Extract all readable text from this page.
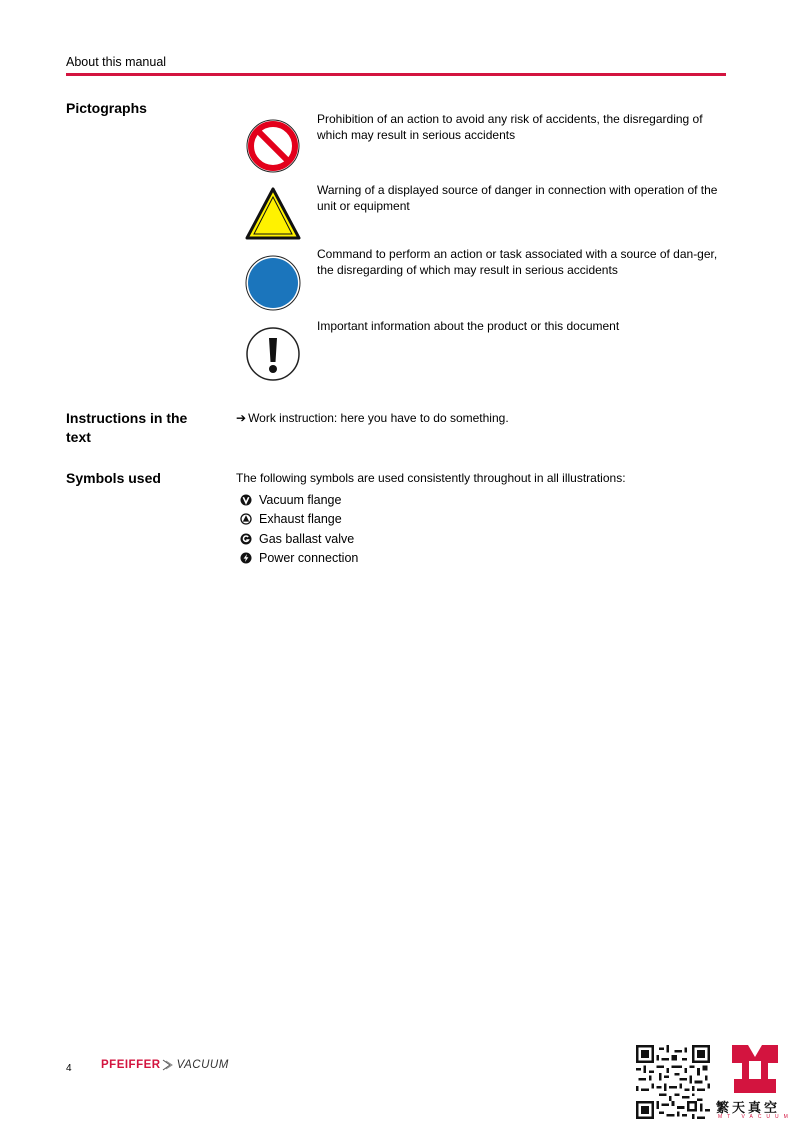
About this manual
Pictographs
Prohibition of an action to avoid any risk of accidents, the disregarding of which may result in serious accidents
Warning of a displayed source of danger in connection with operation of the unit or equipment
Command to perform an action or task associated with a source of dan-ger, the disregarding of which may result in serious accidents
Important information about the product or this document
Instructions in the text
➔ Work instruction: here you have to do something.
Symbols used	The following symbols are used consistently throughout in all illustrations:
Vacuum flange
Exhaust flange
Gas ballast valve
Power connection
4	PFEIFFER VACUUM
繁天真空
MT VACUUM
